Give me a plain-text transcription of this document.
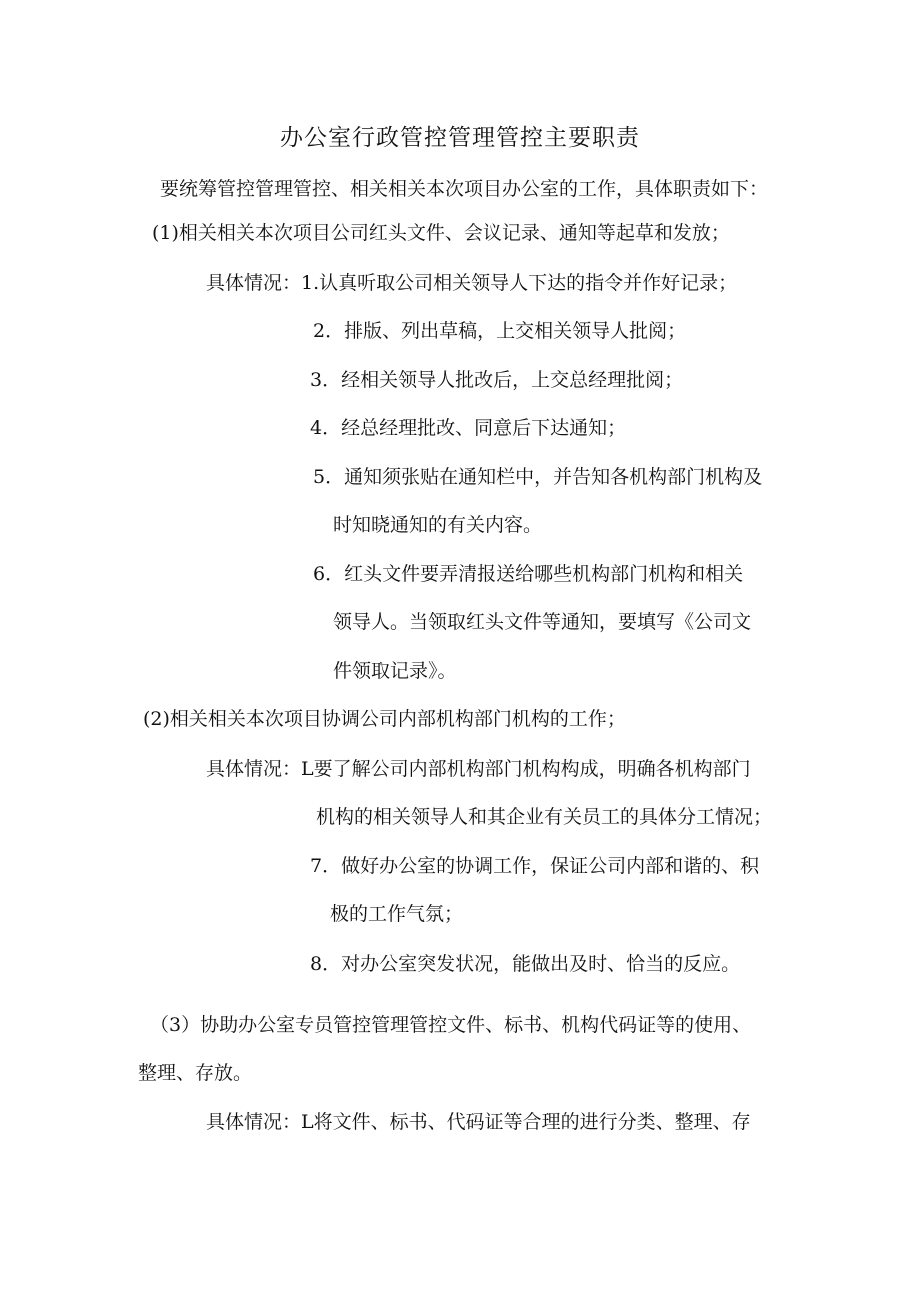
办公室行政管控管理管控主要职责
要统筹管控管理管控、相关相关本次项目办公室的工作，具体职责如下：
(1)相关相关本次项目公司红头文件、会议记录、通知等起草和发放；
具体情况：1.认真听取公司相关领导人下达的指令并作好记录；
2．排版、列出草稿，上交相关领导人批阅；
3．经相关领导人批改后，上交总经理批阅；
4．经总经理批改、同意后下达通知；
5．通知须张贴在通知栏中，并告知各机构部门机构及
时知晓通知的有关内容。
6．红头文件要弄清报送给哪些机构部门机构和相关
领导人。当领取红头文件等通知，要填写《公司文
件领取记录》。
(2)相关相关本次项目协调公司内部机构部门机构的工作；
具体情况：L要了解公司内部机构部门机构构成，明确各机构部门
机构的相关领导人和其企业有关员工的具体分工情况；
7．做好办公室的协调工作，保证公司内部和谐的、积
极的工作气氛；
8．对办公室突发状况，能做出及时、恰当的反应。
（3）协助办公室专员管控管理管控文件、标书、机构代码证等的使用、
整理、存放。
具体情况：L将文件、标书、代码证等合理的进行分类、整理、存
